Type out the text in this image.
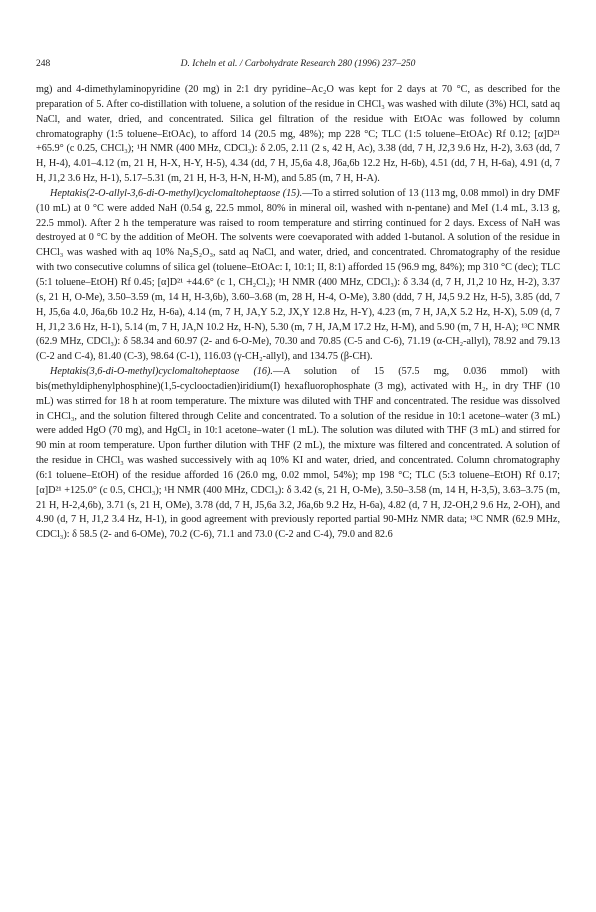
248	D. Icheln et al. / Carbohydrate Research 280 (1996) 237–250

mg) and 4-dimethylaminopyridine (20 mg) in 2:1 dry pyridine–Ac₂O was kept for 2 days at 70 °C, as described for the preparation of 5. After co-distillation with toluene, a solution of the residue in CHCl₃ was washed with dilute (3%) HCl, satd aq NaCl, and water, dried, and concentrated. Silica gel filtration of the residue with EtOAc was followed by column chromatography (1:5 toluene–EtOAc), to afford 14 (20.5 mg, 48%); mp 228 °C; TLC (1:5 toluene–EtOAc) Rf 0.12; [α]D²¹ +65.9° (c 0.25, CHCl₃); ¹H NMR (400 MHz, CDCl₃): δ 2.05, 2.11 (2 s, 42 H, Ac), 3.38 (dd, 7 H, J2,3 9.6 Hz, H-2), 3.63 (dd, 7 H, H-4), 4.01–4.12 (m, 21 H, H-X, H-Y, H-5), 4.34 (dd, 7 H, J5,6a 4.8, J6a,6b 12.2 Hz, H-6b), 4.51 (dd, 7 H, H-6a), 4.91 (d, 7 H, J1,2 3.6 Hz, H-1), 5.17–5.31 (m, 21 H, H-3, H-N, H-M), and 5.85 (m, 7 H, H-A).

Heptakis(2-O-allyl-3,6-di-O-methyl)cyclomaltoheptaose (15).—To a stirred solution of 13 (113 mg, 0.08 mmol) in dry DMF (10 mL) at 0 °C were added NaH (0.54 g, 22.5 mmol, 80% in mineral oil, washed with n-pentane) and MeI (1.4 mL, 3.13 g, 22.5 mmol). After 2 h the temperature was raised to room temperature and stirring continued for 2 days. Excess of NaH was destroyed at 0 °C by the addition of MeOH. The solvents were coevaporated with added 1-butanol. A solution of the residue in CHCl₃ was washed with aq 10% Na₂S₂O₃, satd aq NaCl, and water, dried, and concentrated. Chromatography of the residue with two consecutive columns of silica gel (toluene–EtOAc: I, 10:1; II, 8:1) afforded 15 (96.9 mg, 84%); mp 310 °C (dec); TLC (5:1 toluene–EtOH) Rf 0.45; [α]D²¹ +44.6° (c 1, CH₂Cl₂); ¹H NMR (400 MHz, CDCl₃): δ 3.34 (d, 7 H, J1,2 10 Hz, H-2), 3.37 (s, 21 H, O-Me), 3.50–3.59 (m, 14 H, H-3,6b), 3.60–3.68 (m, 28 H, H-4, O-Me), 3.80 (ddd, 7 H, J4,5 9.2 Hz, H-5), 3.85 (dd, 7 H, J5,6a 4.0, J6a,6b 10.2 Hz, H-6a), 4.14 (m, 7 H, JA,Y 5.2, JX,Y 12.8 Hz, H-Y), 4.23 (m, 7 H, JA,X 5.2 Hz, H-X), 5.09 (d, 7 H, J1,2 3.6 Hz, H-1), 5.14 (m, 7 H, JA,N 10.2 Hz, H-N), 5.30 (m, 7 H, JA,M 17.2 Hz, H-M), and 5.90 (m, 7 H, H-A); ¹³C NMR (62.9 MHz, CDCl₃): δ 58.34 and 60.97 (2- and 6-O-Me), 70.30 and 70.85 (C-5 and C-6), 71.19 (α-CH₂-allyl), 78.92 and 79.13 (C-2 and C-4), 81.40 (C-3), 98.64 (C-1), 116.03 (γ-CH₂-allyl), and 134.75 (β-CH).

Heptakis(3,6-di-O-methyl)cyclomaltoheptaose (16).—A solution of 15 (57.5 mg, 0.036 mmol) with bis(methyldiphenylphosphine)(1,5-cyclooctadien)iridium(I) hexafluorophosphate (3 mg), activated with H₂, in dry THF (10 mL) was stirred for 18 h at room temperature. The mixture was diluted with THF and concentrated. The residue was dissolved in CHCl₃, and the solution filtered through Celite and concentrated. To a solution of the residue in 10:1 acetone–water (3 mL) were added HgO (70 mg), and HgCl₂ in 10:1 acetone–water (1 mL). The solution was diluted with THF (3 mL) and stirred for 90 min at room temperature. Upon further dilution with THF (2 mL), the mixture was filtered and concentrated. A solution of the residue in CHCl₃ was washed successively with aq 10% KI and water, dried, and concentrated. Column chromatography (6:1 toluene–EtOH) of the residue afforded 16 (26.0 mg, 0.02 mmol, 54%); mp 198 °C; TLC (5:3 toluene–EtOH) Rf 0.17; [α]D²¹ +125.0° (c 0.5, CHCl₃); ¹H NMR (400 MHz, CDCl₃): δ 3.42 (s, 21 H, O-Me), 3.50–3.58 (m, 14 H, H-3,5), 3.63–3.75 (m, 21 H, H-2,4,6b), 3.71 (s, 21 H, OMe), 3.78 (dd, 7 H, J5,6a 3.2, J6a,6b 9.2 Hz, H-6a), 4.82 (d, 7 H, J2-OH,2 9.6 Hz, 2-OH), and 4.90 (d, 7 H, J1,2 3.4 Hz, H-1), in good agreement with previously reported partial 90-MHz NMR data; ¹³C NMR (62.9 MHz, CDCl₃): δ 58.5 (2- and 6-OMe), 70.2 (C-6), 71.1 and 73.0 (C-2 and C-4), 79.0 and 82.6
